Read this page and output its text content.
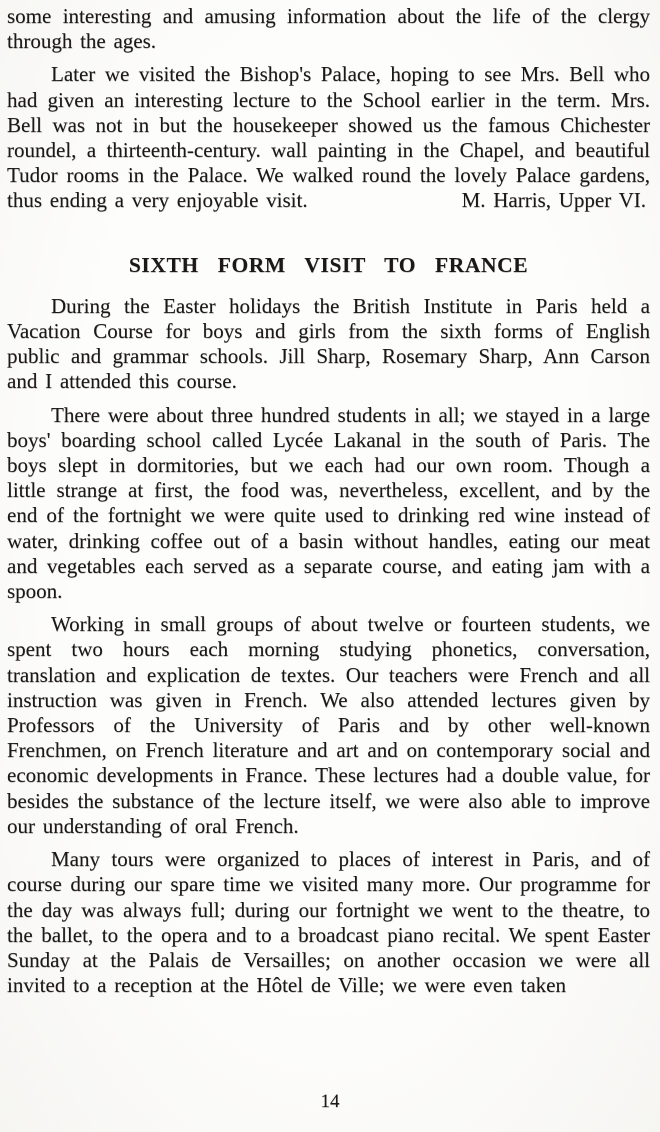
some interesting and amusing information about the life of the clergy through the ages.

Later we visited the Bishop's Palace, hoping to see Mrs. Bell who had given an interesting lecture to the School earlier in the term. Mrs. Bell was not in but the housekeeper showed us the famous Chichester roundel, a thirteenth-century. wall painting in the Chapel, and beautiful Tudor rooms in the Palace. We walked round the lovely Palace gardens, thus ending a very enjoyable visit.	M. Harris, Upper VI.

SIXTH FORM VISIT TO FRANCE

During the Easter holidays the British Institute in Paris held a Vacation Course for boys and girls from the sixth forms of English public and grammar schools. Jill Sharp, Rosemary Sharp, Ann Carson and I attended this course.

There were about three hundred students in all; we stayed in a large boys' boarding school called Lycée Lakanal in the south of Paris. The boys slept in dormitories, but we each had our own room. Though a little strange at first, the food was, nevertheless, excellent, and by the end of the fortnight we were quite used to drinking red wine instead of water, drinking coffee out of a basin without handles, eating our meat and vegetables each served as a separate course, and eating jam with a spoon.

Working in small groups of about twelve or fourteen students, we spent two hours each morning studying phonetics, conversation, translation and explication de textes. Our teachers were French and all instruction was given in French. We also attended lectures given by Professors of the University of Paris and by other well-known Frenchmen, on French literature and art and on contemporary social and economic developments in France. These lectures had a double value, for besides the substance of the lecture itself, we were also able to improve our understanding of oral French.

Many tours were organized to places of interest in Paris, and of course during our spare time we visited many more. Our programme for the day was always full; during our fortnight we went to the theatre, to the ballet, to the opera and to a broadcast piano recital. We spent Easter Sunday at the Palais de Versailles; on another occasion we were all invited to a reception at the Hôtel de Ville; we were even taken

14
